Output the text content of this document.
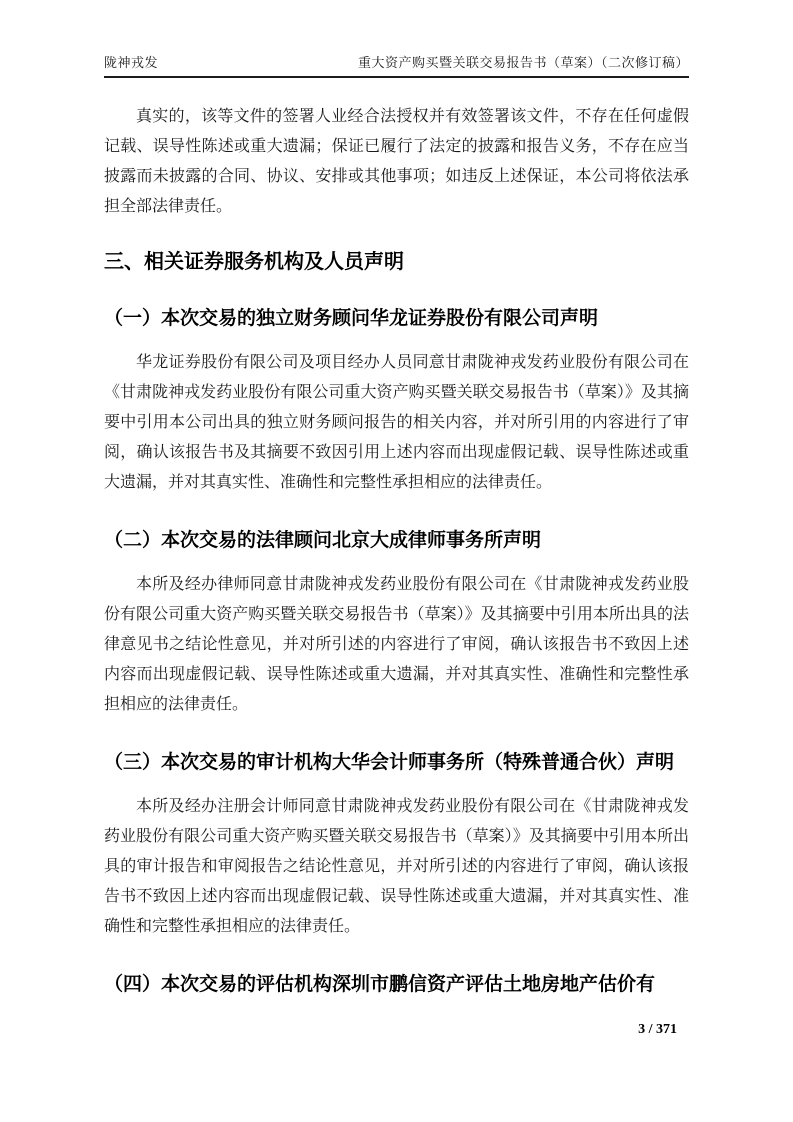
陇神戎发	重大资产购买暨关联交易报告书（草案）（二次修订稿）

真实的，该等文件的签署人业经合法授权并有效签署该文件，不存在任何虚假记载、误导性陈述或重大遗漏；保证已履行了法定的披露和报告义务，不存在应当披露而未披露的合同、协议、安排或其他事项；如违反上述保证，本公司将依法承担全部法律责任。

三、相关证券服务机构及人员声明
（一）本次交易的独立财务顾问华龙证券股份有限公司声明

华龙证券股份有限公司及项目经办人员同意甘肃陇神戎发药业股份有限公司在《甘肃陇神戎发药业股份有限公司重大资产购买暨关联交易报告书（草案）》及其摘要中引用本公司出具的独立财务顾问报告的相关内容，并对所引用的内容进行了审阅，确认该报告书及其摘要不致因引用上述内容而出现虚假记载、误导性陈述或重大遗漏，并对其真实性、准确性和完整性承担相应的法律责任。

（二）本次交易的法律顾问北京大成律师事务所声明

本所及经办律师同意甘肃陇神戎发药业股份有限公司在《甘肃陇神戎发药业股份有限公司重大资产购买暨关联交易报告书（草案）》及其摘要中引用本所出具的法律意见书之结论性意见，并对所引述的内容进行了审阅，确认该报告书不致因上述内容而出现虚假记载、误导性陈述或重大遗漏，并对其真实性、准确性和完整性承担相应的法律责任。

（三）本次交易的审计机构大华会计师事务所（特殊普通合伙）声明

本所及经办注册会计师同意甘肃陇神戎发药业股份有限公司在《甘肃陇神戎发药业股份有限公司重大资产购买暨关联交易报告书（草案）》及其摘要中引用本所出具的审计报告和审阅报告之结论性意见，并对所引述的内容进行了审阅，确认该报告书不致因上述内容而出现虚假记载、误导性陈述或重大遗漏，并对其真实性、准确性和完整性承担相应的法律责任。

（四）本次交易的评估机构深圳市鹏信资产评估土地房地产估价有
3 / 371
